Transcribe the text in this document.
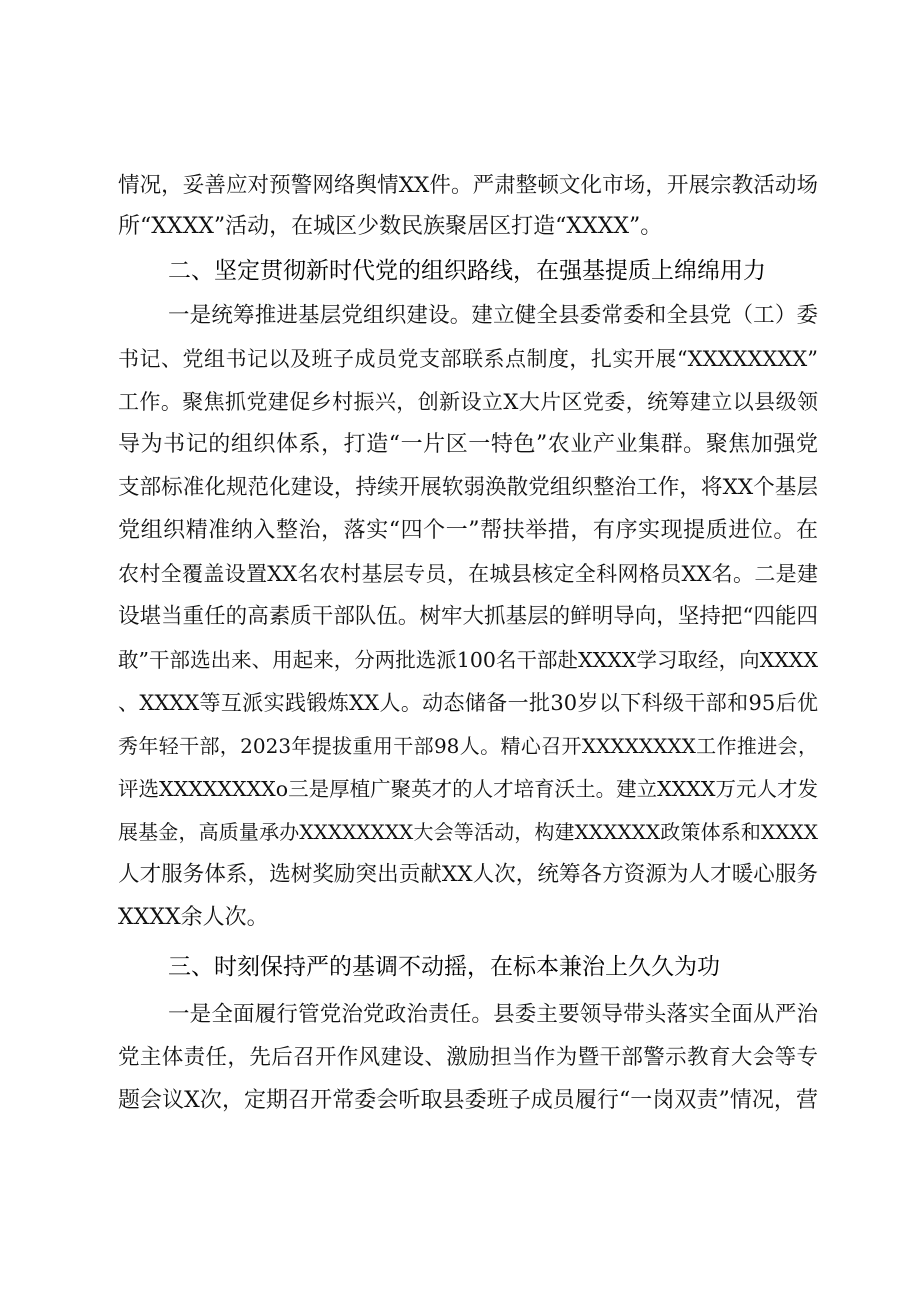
情况，妥善应对预警网络舆情XX件。严肃整顿文化市场，开展宗教活动场
所“XXXX”活动，在城区少数民族聚居区打造“XXXX”。
二、坚定贯彻新时代党的组织路线，在强基提质上绵绵用力
一是统筹推进基层党组织建设。建立健全县委常委和全县党（工）委
书记、党组书记以及班子成员党支部联系点制度，扎实开展“XXXXXXXX”
工作。聚焦抓党建促乡村振兴，创新设立X大片区党委，统筹建立以县级领
导为书记的组织体系，打造“一片区一特色”农业产业集群。聚焦加强党
支部标准化规范化建设，持续开展软弱涣散党组织整治工作，将XX个基层
党组织精准纳入整治，落实“四个一”帮扶举措，有序实现提质进位。在
农村全覆盖设置XX名农村基层专员，在城县核定全科网格员XX名。二是建
设堪当重任的高素质干部队伍。树牢大抓基层的鲜明导向，坚持把“四能四
敢”干部选出来、用起来，分两批选派100名干部赴XXXX学习取经，向XXXX
、XXXX等互派实践锻炼XX人。动态储备一批30岁以下科级干部和95后优
秀年轻干部，2023年提拔重用干部98人。精心召开XXXXXXXX工作推进会，
评选XXXXXXXXo三是厚植广聚英才的人才培育沃土。建立XXXX万元人才发
展基金，高质量承办XXXXXXXX大会等活动，构建XXXXXX政策体系和XXXX
人才服务体系，选树奖励突出贡献XX人次，统筹各方资源为人才暖心服务
XXXX余人次。
三、时刻保持严的基调不动摇，在标本兼治上久久为功
一是全面履行管党治党政治责任。县委主要领导带头落实全面从严治
党主体责任，先后召开作风建设、激励担当作为暨干部警示教育大会等专
题会议X次，定期召开常委会听取县委班子成员履行“一岗双责”情况，营
